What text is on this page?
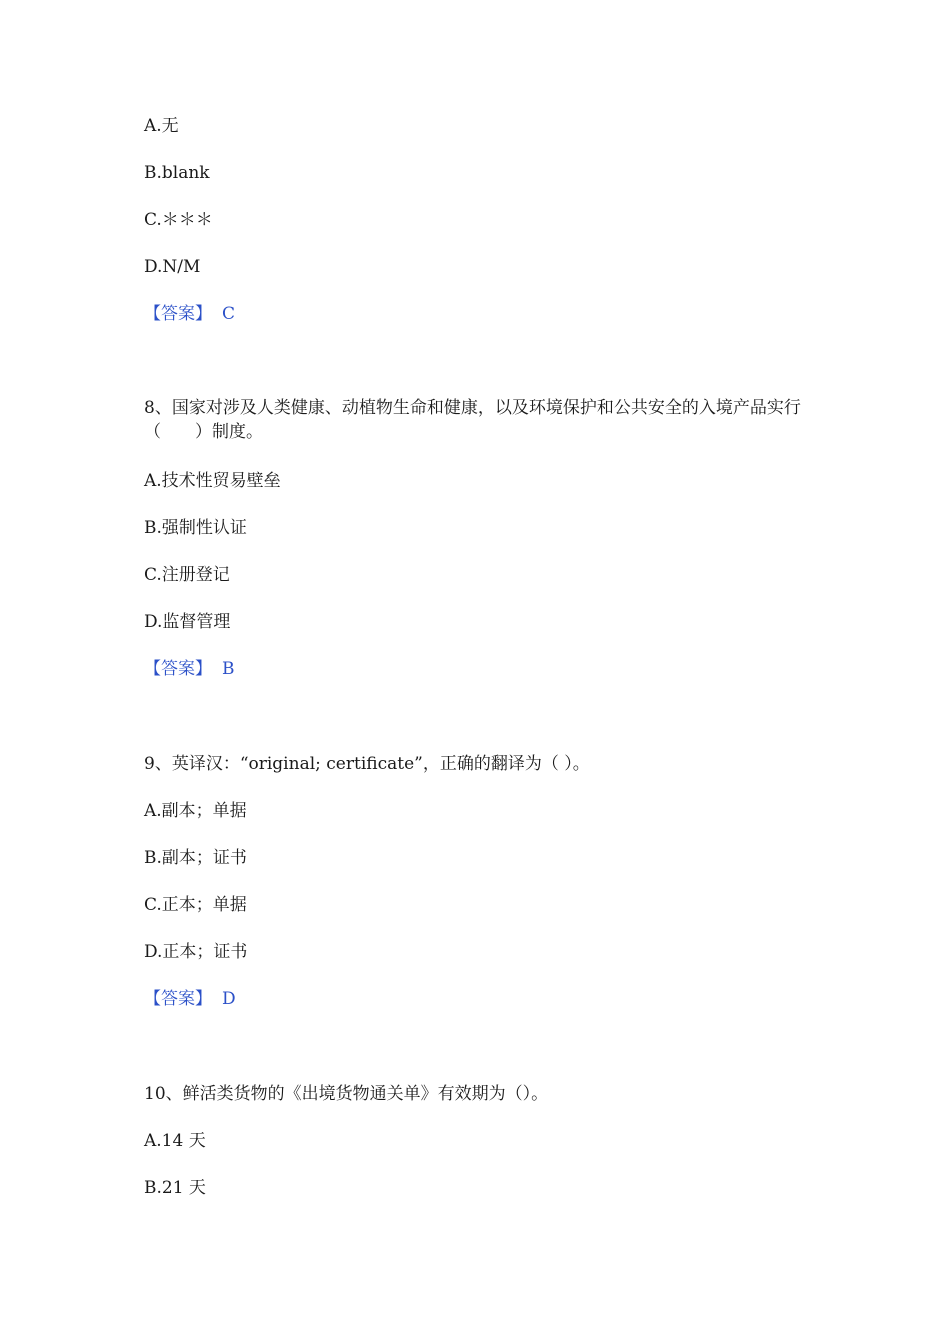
A.无
B.blank
C.＊＊＊
D.N/M
【答案】 C
8、国家对涉及人类健康、动植物生命和健康，以及环境保护和公共安全的入境产品实行（　　）制度。
A.技术性贸易壁垒
B.强制性认证
C.注册登记
D.监督管理
【答案】 B
9、英译汉：“original; certificate”，正确的翻译为（ ）。
A.副本；单据
B.副本；证书
C.正本；单据
D.正本；证书
【答案】 D
10、鲜活类货物的《出境货物通关单》有效期为（）。
A.14 天
B.21 天
